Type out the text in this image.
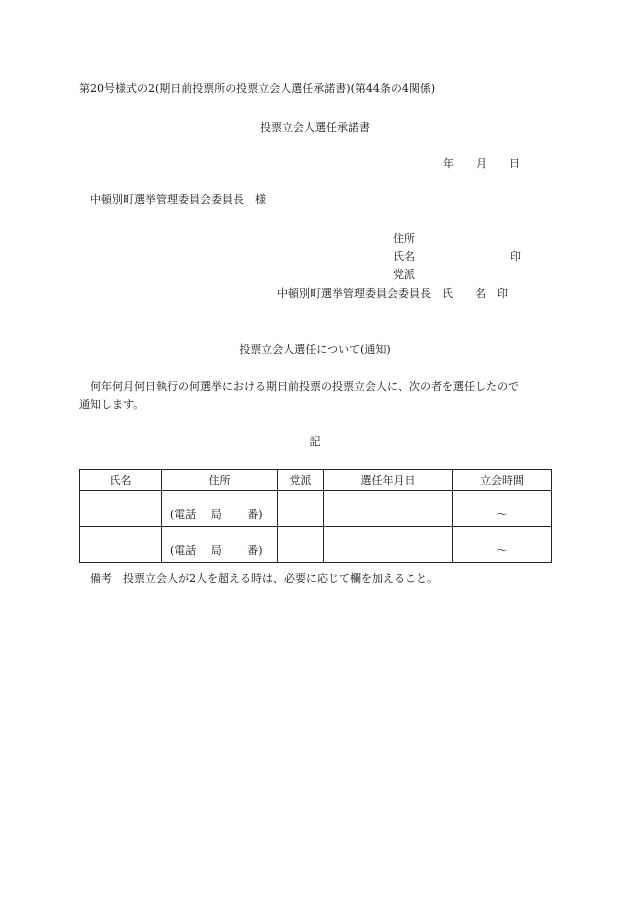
第20号様式の2(期日前投票所の投票立会人選任承諾書)(第44条の4関係)
投票立会人選任承諾書
年　　月　　日
中頓別町選挙管理委員会委員長　様
住所
氏名	印
党派
中頓別町選挙管理委員会委員長　氏　　名　印
投票立会人選任について(通知)
何年何月何日執行の何選挙における期日前投票の投票立会人に、次の者を選任したので
通知します。
記
氏名	住所	党派	選任年月日	立会時間

	(電話　 局　　 番)			～

	(電話　 局　　 番)			～
備考　投票立会人が2人を超える時は、必要に応じて欄を加えること。
